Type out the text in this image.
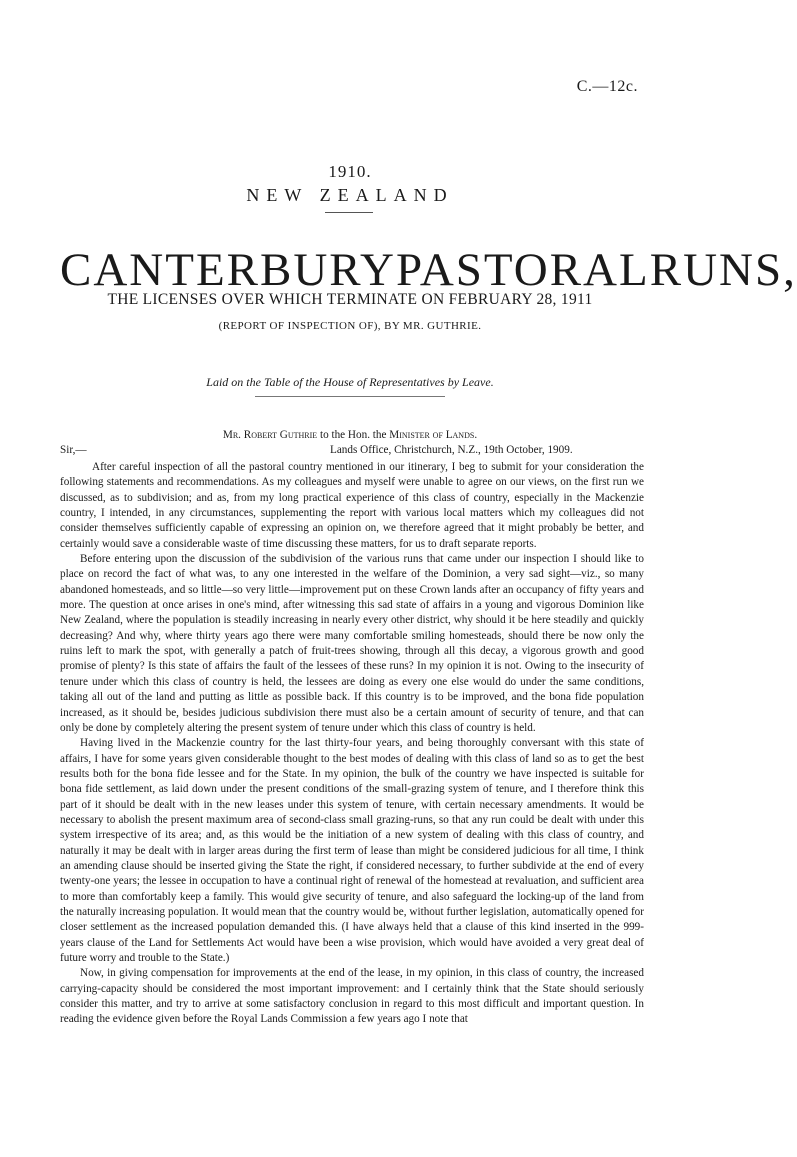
C.—12c.
1910.
NEW ZEALAND
CANTERBURY PASTORAL RUNS,
THE LICENSES OVER WHICH TERMINATE ON FEBRUARY 28, 1911
(REPORT OF INSPECTION OF), BY MR. GUTHRIE.
Laid on the Table of the House of Representatives by Leave.
Mr. Robert Guthrie to the Hon. the Minister of Lands.
Sir,—	Lands Office, Christchurch, N.Z., 19th October, 1909.

After careful inspection of all the pastoral country mentioned in our itinerary, I beg to submit for your consideration the following statements and recommendations. As my colleagues and myself were unable to agree on our views, on the first run we discussed, as to subdivision; and as, from my long practical experience of this class of country, especially in the Mackenzie country, I intended, in any circumstances, supplementing the report with various local matters which my colleagues did not consider themselves sufficiently capable of expressing an opinion on, we therefore agreed that it might probably be better, and certainly would save a considerable waste of time discussing these matters, for us to draft separate reports.

Before entering upon the discussion of the subdivision of the various runs that came under our inspection I should like to place on record the fact of what was, to any one interested in the welfare of the Dominion, a very sad sight—viz., so many abandoned homesteads, and so little—so very little—improvement put on these Crown lands after an occupancy of fifty years and more. The question at once arises in one's mind, after witnessing this sad state of affairs in a young and vigorous Dominion like New Zealand, where the population is steadily increasing in nearly every other district, why should it be here steadily and quickly decreasing? And why, where thirty years ago there were many comfortable smiling homesteads, should there be now only the ruins left to mark the spot, with generally a patch of fruit-trees showing, through all this decay, a vigorous growth and good promise of plenty? Is this state of affairs the fault of the lessees of these runs? In my opinion it is not. Owing to the insecurity of tenure under which this class of country is held, the lessees are doing as every one else would do under the same conditions, taking all out of the land and putting as little as possible back. If this country is to be improved, and the bona fide population increased, as it should be, besides judicious subdivision there must also be a certain amount of security of tenure, and that can only be done by completely altering the present system of tenure under which this class of country is held.

Having lived in the Mackenzie country for the last thirty-four years, and being thoroughly conversant with this state of affairs, I have for some years given considerable thought to the best modes of dealing with this class of land so as to get the best results both for the bona fide lessee and for the State. In my opinion, the bulk of the country we have inspected is suitable for bona fide settlement, as laid down under the present conditions of the small-grazing system of tenure, and I therefore think this part of it should be dealt with in the new leases under this system of tenure, with certain necessary amendments. It would be necessary to abolish the present maximum area of second-class small grazing-runs, so that any run could be dealt with under this system irrespective of its area; and, as this would be the initiation of a new system of dealing with this class of country, and naturally it may be dealt with in larger areas during the first term of lease than might be considered judicious for all time, I think an amending clause should be inserted giving the State the right, if considered necessary, to further subdivide at the end of every twenty-one years; the lessee in occupation to have a continual right of renewal of the homestead at revaluation, and sufficient area to more than comfortably keep a family. This would give security of tenure, and also safeguard the locking-up of the land from the naturally increasing population. It would mean that the country would be, without further legislation, automatically opened for closer settlement as the increased population demanded this. (I have always held that a clause of this kind inserted in the 999-years clause of the Land for Settlements Act would have been a wise provision, which would have avoided a very great deal of future worry and trouble to the State.)

Now, in giving compensation for improvements at the end of the lease, in my opinion, in this class of country, the increased carrying-capacity should be considered the most important improvement: and I certainly think that the State should seriously consider this matter, and try to arrive at some satisfactory conclusion in regard to this most difficult and important question. In reading the evidence given before the Royal Lands Commission a few years ago I note that
